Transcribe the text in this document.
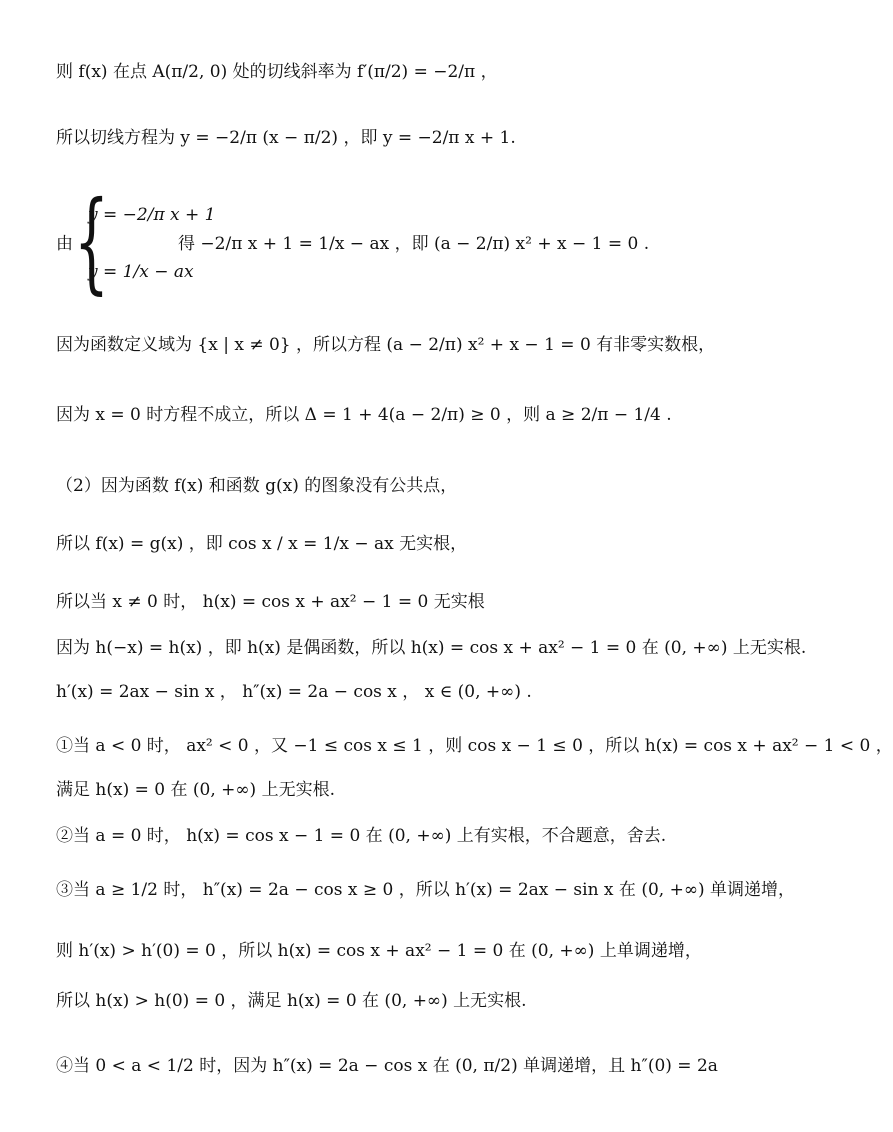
则 f(x) 在点 A(π/2, 0) 处的切线斜率为 f′(π/2) = −2/π ，
所以切线方程为 y = −2/π (x − π/2) ，即 y = −2/π x + 1.
由 {
y = −2/π x + 1
y = 1/x − ax
得 −2/π x + 1 = 1/x − ax ，即 (a − 2/π) x² + x − 1 = 0 .
因为函数定义域为 {x | x ≠ 0} ，所以方程 (a − 2/π) x² + x − 1 = 0 有非零实数根，
因为 x = 0 时方程不成立，所以 Δ = 1 + 4(a − 2/π) ≥ 0 ，则 a ≥ 2/π − 1/4 .
（2）因为函数 f(x) 和函数 g(x) 的图象没有公共点，
所以 f(x) = g(x) ，即 cos x / x = 1/x − ax 无实根，
所以当 x ≠ 0 时， h(x) = cos x + ax² − 1 = 0 无实根
因为 h(−x) = h(x) ，即 h(x) 是偶函数，所以 h(x) = cos x + ax² − 1 = 0 在 (0, +∞) 上无实根.
h′(x) = 2ax − sin x ， h″(x) = 2a − cos x ， x ∈ (0, +∞) .
①当 a < 0 时， ax² < 0 ，又 −1 ≤ cos x ≤ 1 ，则 cos x − 1 ≤ 0 ，所以 h(x) = cos x + ax² − 1 < 0 ，
满足 h(x) = 0 在 (0, +∞) 上无实根.
②当 a = 0 时， h(x) = cos x − 1 = 0 在 (0, +∞) 上有实根，不合题意，舍去.
③当 a ≥ 1/2 时， h″(x) = 2a − cos x ≥ 0 ，所以 h′(x) = 2ax − sin x 在 (0, +∞) 单调递增，
则 h′(x) > h′(0) = 0 ，所以 h(x) = cos x + ax² − 1 = 0 在 (0, +∞) 上单调递增，
所以 h(x) > h(0) = 0 ，满足 h(x) = 0 在 (0, +∞) 上无实根.
④当 0 < a < 1/2 时，因为 h″(x) = 2a − cos x 在 (0, π/2) 单调递增，且 h″(0) = 2a
